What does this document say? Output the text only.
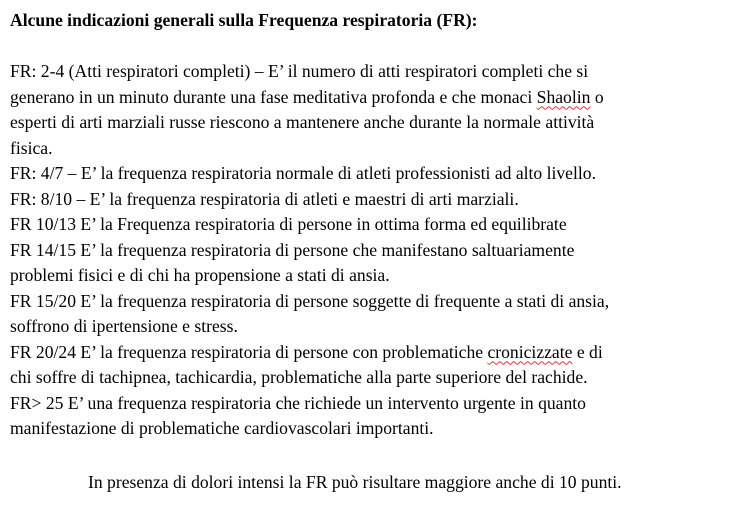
Alcune indicazioni generali sulla Frequenza respiratoria (FR):

FR: 2-4 (Atti respiratori completi) – E’ il numero di atti respiratori completi che si
generano in un minuto durante una fase meditativa profonda e che monaci Shaolin o
esperti di arti marziali russe riescono a mantenere anche durante la normale attività
fisica.
FR: 4/7 – E’ la frequenza respiratoria normale di atleti professionisti ad alto livello.
FR: 8/10 – E’ la frequenza respiratoria di atleti e maestri di arti marziali.
FR 10/13 E’ la Frequenza respiratoria di persone in ottima forma ed equilibrate
FR 14/15 E’ la frequenza respiratoria di persone che manifestano saltuariamente
problemi fisici e di chi ha propensione a stati di ansia.
FR 15/20 E’ la frequenza respiratoria di persone soggette di frequente a stati di ansia,
soffrono di ipertensione e stress.
FR 20/24 E’ la frequenza respiratoria di persone con problematiche cronicizzate e di
chi soffre di tachipnea, tachicardia, problematiche alla parte superiore del rachide.
FR> 25 E’ una frequenza respiratoria che richiede un intervento urgente in quanto
manifestazione di problematiche cardiovascolari importanti.

In presenza di dolori intensi la FR può risultare maggiore anche di 10 punti.
